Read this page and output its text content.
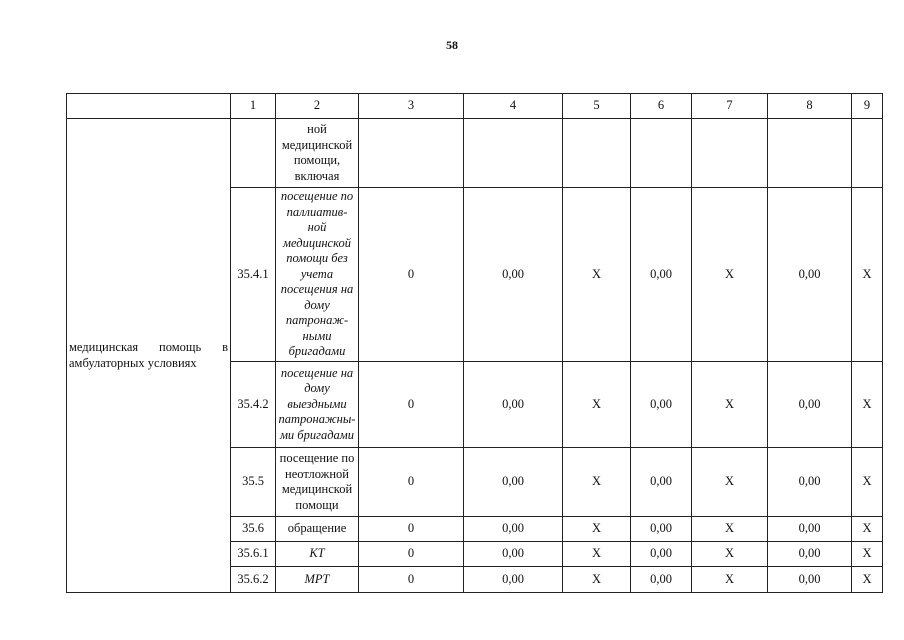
58
	1	2	3	4	5	6	7	8	9

медицинская помощь в
амбулаторных условиях		ной медицинской помощи, включая							
	35.4.1	посещение по паллиатив-ной медицинской помощи без учета посещения на дому патронаж-ными бригадами	0	0,00	X	0,00	X	0,00	X
	35.4.2	посещение на дому выездными патронажны-ми бригадами	0	0,00	X	0,00	X	0,00	X
	35.5	посещение по неотложной медицинской помощи	0	0,00	X	0,00	X	0,00	X
	35.6	обращение	0	0,00	X	0,00	X	0,00	X
	35.6.1	КТ	0	0,00	X	0,00	X	0,00	X
	35.6.2	МРТ	0	0,00	X	0,00	X	0,00	X
